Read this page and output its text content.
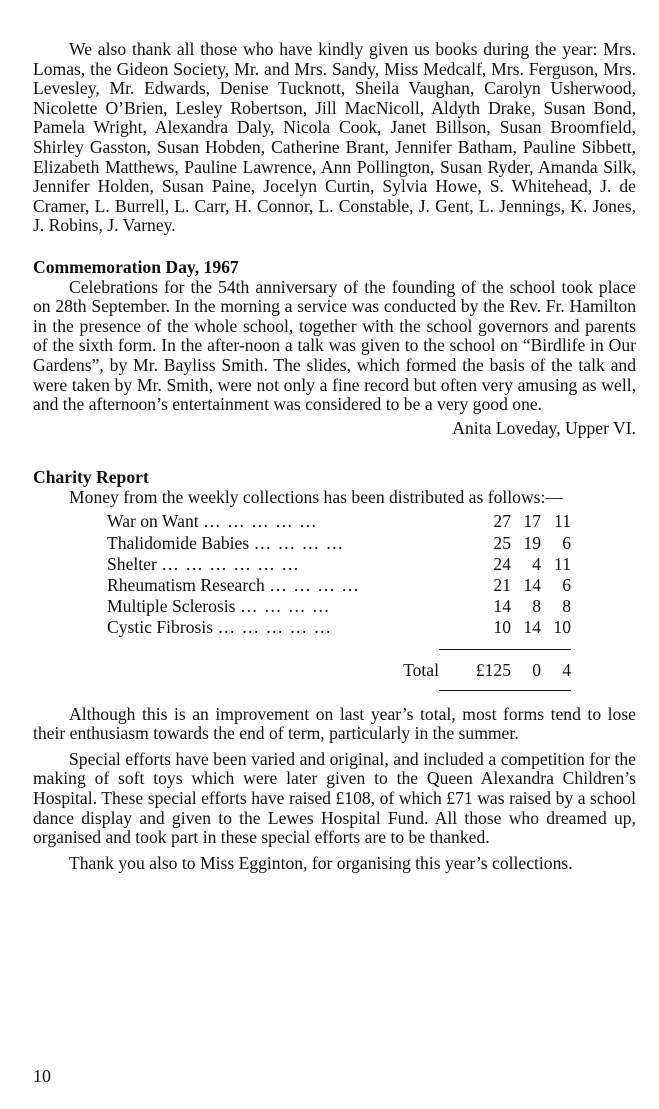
We also thank all those who have kindly given us books during the year: Mrs. Lomas, the Gideon Society, Mr. and Mrs. Sandy, Miss Medcalf, Mrs. Ferguson, Mrs. Levesley, Mr. Edwards, Denise Tucknott, Sheila Vaughan, Carolyn Usherwood, Nicolette O’Brien, Lesley Robertson, Jill MacNicoll, Aldyth Drake, Susan Bond, Pamela Wright, Alexandra Daly, Nicola Cook, Janet Billson, Susan Broomfield, Shirley Gasston, Susan Hobden, Catherine Brant, Jennifer Batham, Pauline Sibbett, Elizabeth Matthews, Pauline Lawrence, Ann Pollington, Susan Ryder, Amanda Silk, Jennifer Holden, Susan Paine, Jocelyn Curtin, Sylvia Howe, S. Whitehead, J. de Cramer, L. Burrell, L. Carr, H. Connor, L. Constable, J. Gent, L. Jennings, K. Jones, J. Robins, J. Varney.

Commemoration Day, 1967

Celebrations for the 54th anniversary of the founding of the school took place on 28th September. In the morning a service was conducted by the Rev. Fr. Hamilton in the presence of the whole school, together with the school governors and parents of the sixth form. In the after-noon a talk was given to the school on “Birdlife in Our Gardens”, by Mr. Bayliss Smith. The slides, which formed the basis of the talk and were taken by Mr. Smith, were not only a fine record but often very amusing as well, and the afternoon’s entertainment was considered to be a very good one.

Anita Loveday, Upper VI.

Charity Report

Money from the weekly collections has been distributed as follows:—

War on Want … … … … …	27	17	11
Thalidomide Babies … … … …	25	19	6
Shelter … … … … … …	24	4	11
Rheumatism Research … … … …	21	14	6
Multiple Sclerosis … … … …	14	8	8
Cystic Fibrosis … … … … …	10	14	10

Total	£125	0	4

Although this is an improvement on last year’s total, most forms tend to lose their enthusiasm towards the end of term, particularly in the summer.

Special efforts have been varied and original, and included a competition for the making of soft toys which were later given to the Queen Alexandra Children’s Hospital. These special efforts have raised £108, of which £71 was raised by a school dance display and given to the Lewes Hospital Fund. All those who dreamed up, organised and took part in these special efforts are to be thanked.

Thank you also to Miss Egginton, for organising this year’s collections.

10
